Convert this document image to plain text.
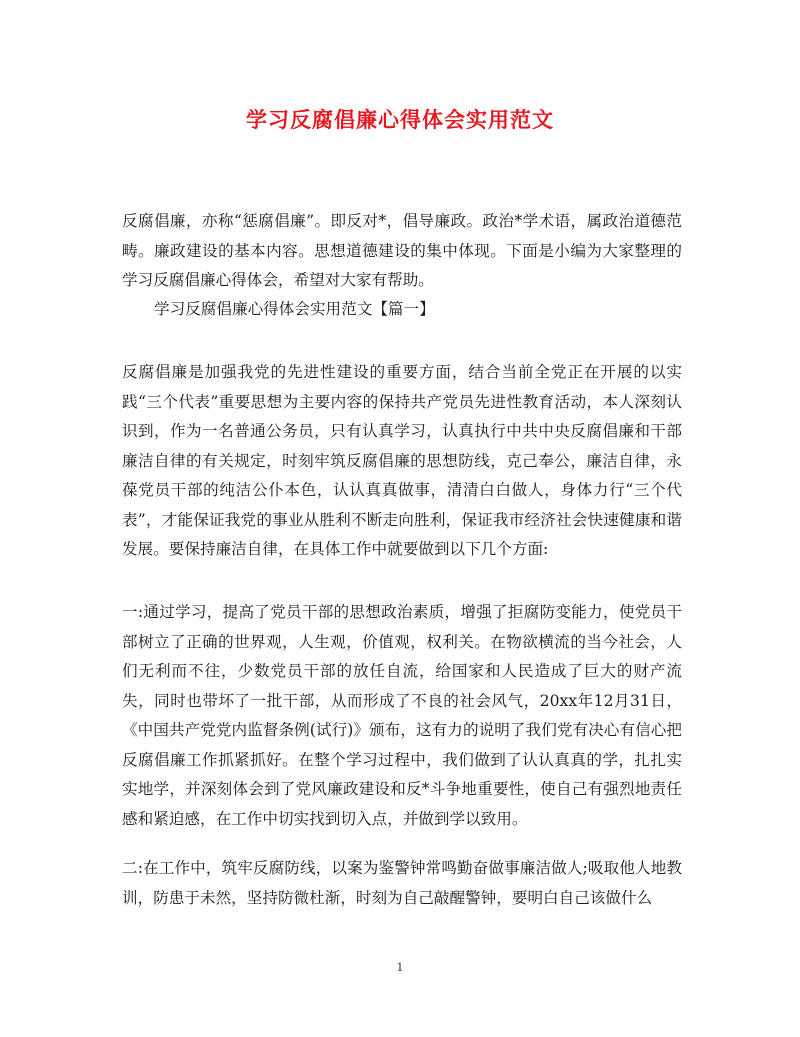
学习反腐倡廉心得体会实用范文

反腐倡廉，亦称“惩腐倡廉”。即反对*，倡导廉政。政治*学术语，属政治道德范畴。廉政建设的基本内容。思想道德建设的集中体现。下面是小编为大家整理的学习反腐倡廉心得体会，希望对大家有帮助。

学习反腐倡廉心得体会实用范文【篇一】

反腐倡廉是加强我党的先进性建设的重要方面，结合当前全党正在开展的以实践“三个代表”重要思想为主要内容的保持共产党员先进性教育活动，本人深刻认识到，作为一名普通公务员，只有认真学习，认真执行中共中央反腐倡廉和干部廉洁自律的有关规定，时刻牢筑反腐倡廉的思想防线，克己奉公，廉洁自律，永葆党员干部的纯洁公仆本色，认认真真做事，清清白白做人，身体力行“三个代表”，才能保证我党的事业从胜利不断走向胜利，保证我市经济社会快速健康和谐发展。要保持廉洁自律，在具体工作中就要做到以下几个方面:

一:通过学习，提高了党员干部的思想政治素质，增强了拒腐防变能力，使党员干部树立了正确的世界观，人生观，价值观，权利关。在物欲横流的当今社会，人们无利而不往，少数党员干部的放任自流，给国家和人民造成了巨大的财产流失，同时也带坏了一批干部，从而形成了不良的社会风气，20xx年12月31日，《中国共产党党内监督条例(试行)》颁布，这有力的说明了我们党有决心有信心把反腐倡廉工作抓紧抓好。在整个学习过程中，我们做到了认认真真的学，扎扎实实地学，并深刻体会到了党风廉政建设和反*斗争地重要性，使自己有强烈地责任感和紧迫感，在工作中切实找到切入点，并做到学以致用。

二:在工作中，筑牢反腐防线，以案为鉴警钟常鸣勤奋做事廉洁做人;吸取他人地教训，防患于未然，坚持防微杜渐，时刻为自己敲醒警钟，要明白自己该做什么

1
